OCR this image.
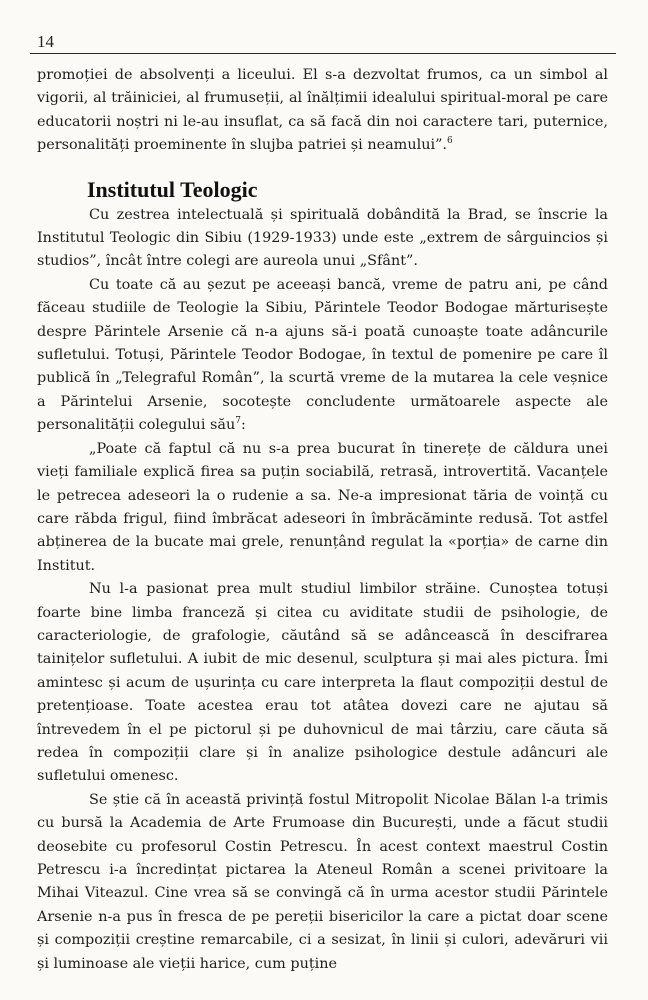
14

promoției de absolvenți a liceului. El s-a dezvoltat frumos, ca un simbol al vigorii, al trăiniciei, al frumuseții, al înălțimii idealului spiritual-moral pe care educatorii noștri ni le-au insuflat, ca să facă din noi caractere tari, puternice, personalități proeminente în slujba patriei și neamului”.$^6$

Institutul Teologic

Cu zestrea intelectuală și spirituală dobândită la Brad, se înscrie la Institutul Teologic din Sibiu (1929-1933) unde este „extrem de sârguincios și studios”, încât între colegi are aureola unui „Sfânt”.

Cu toate că au șezut pe aceeași bancă, vreme de patru ani, pe când făceau studiile de Teologie la Sibiu, Părintele Teodor Bodogae mărturisește despre Părintele Arsenie că n-a ajuns să-i poată cunoaște toate adâncurile sufletului. Totuși, Părintele Teodor Bodogae, în textul de pomenire pe care îl publică în „Telegraful Român”, la scurtă vreme de la mutarea la cele veșnice a Părintelui Arsenie, socotește concludente următoarele aspecte ale personalității colegului său$^7$:

„Poate că faptul că nu s-a prea bucurat în tinerețe de căldura unei vieți familiale explică firea sa puțin sociabilă, retrasă, introvertită. Vacanțele le petrecea adeseori la o rudenie a sa. Ne-a impresionat tăria de voință cu care răbda frigul, fiind îmbrăcat adeseori în îmbrăcăminte redusă. Tot astfel abținerea de la bucate mai grele, renunțând regulat la «porția» de carne din Institut.

Nu l-a pasionat prea mult studiul limbilor străine. Cunoștea totuși foarte bine limba franceză și citea cu aviditate studii de psihologie, de caracteriologie, de grafologie, căutând să se adâncească în descifrarea tainițelor sufletului. A iubit de mic desenul, sculptura și mai ales pictura. Îmi amintesc și acum de ușurința cu care interpreta la flaut compoziții destul de pretențioase. Toate acestea erau tot atâtea dovezi care ne ajutau să întrevedem în el pe pictorul și pe duhovnicul de mai târziu, care căuta să redea în compoziții clare și în analize psihologice destule adâncuri ale sufletului omenesc.

Se știe că în această privință fostul Mitropolit Nicolae Bălan l-a trimis cu bursă la Academia de Arte Frumoase din București, unde a făcut studii deosebite cu profesorul Costin Petrescu. În acest context maestrul Costin Petrescu i-a încredințat pictarea la Ateneul Român a scenei privitoare la Mihai Viteazul. Cine vrea să se convingă că în urma acestor studii Părintele Arsenie n-a pus în fresca de pe pereții bisericilor la care a pictat doar scene și compoziții creștine remarcabile, ci a sesizat, în linii și culori, adevăruri vii și luminoase ale vieții harice, cum puține
